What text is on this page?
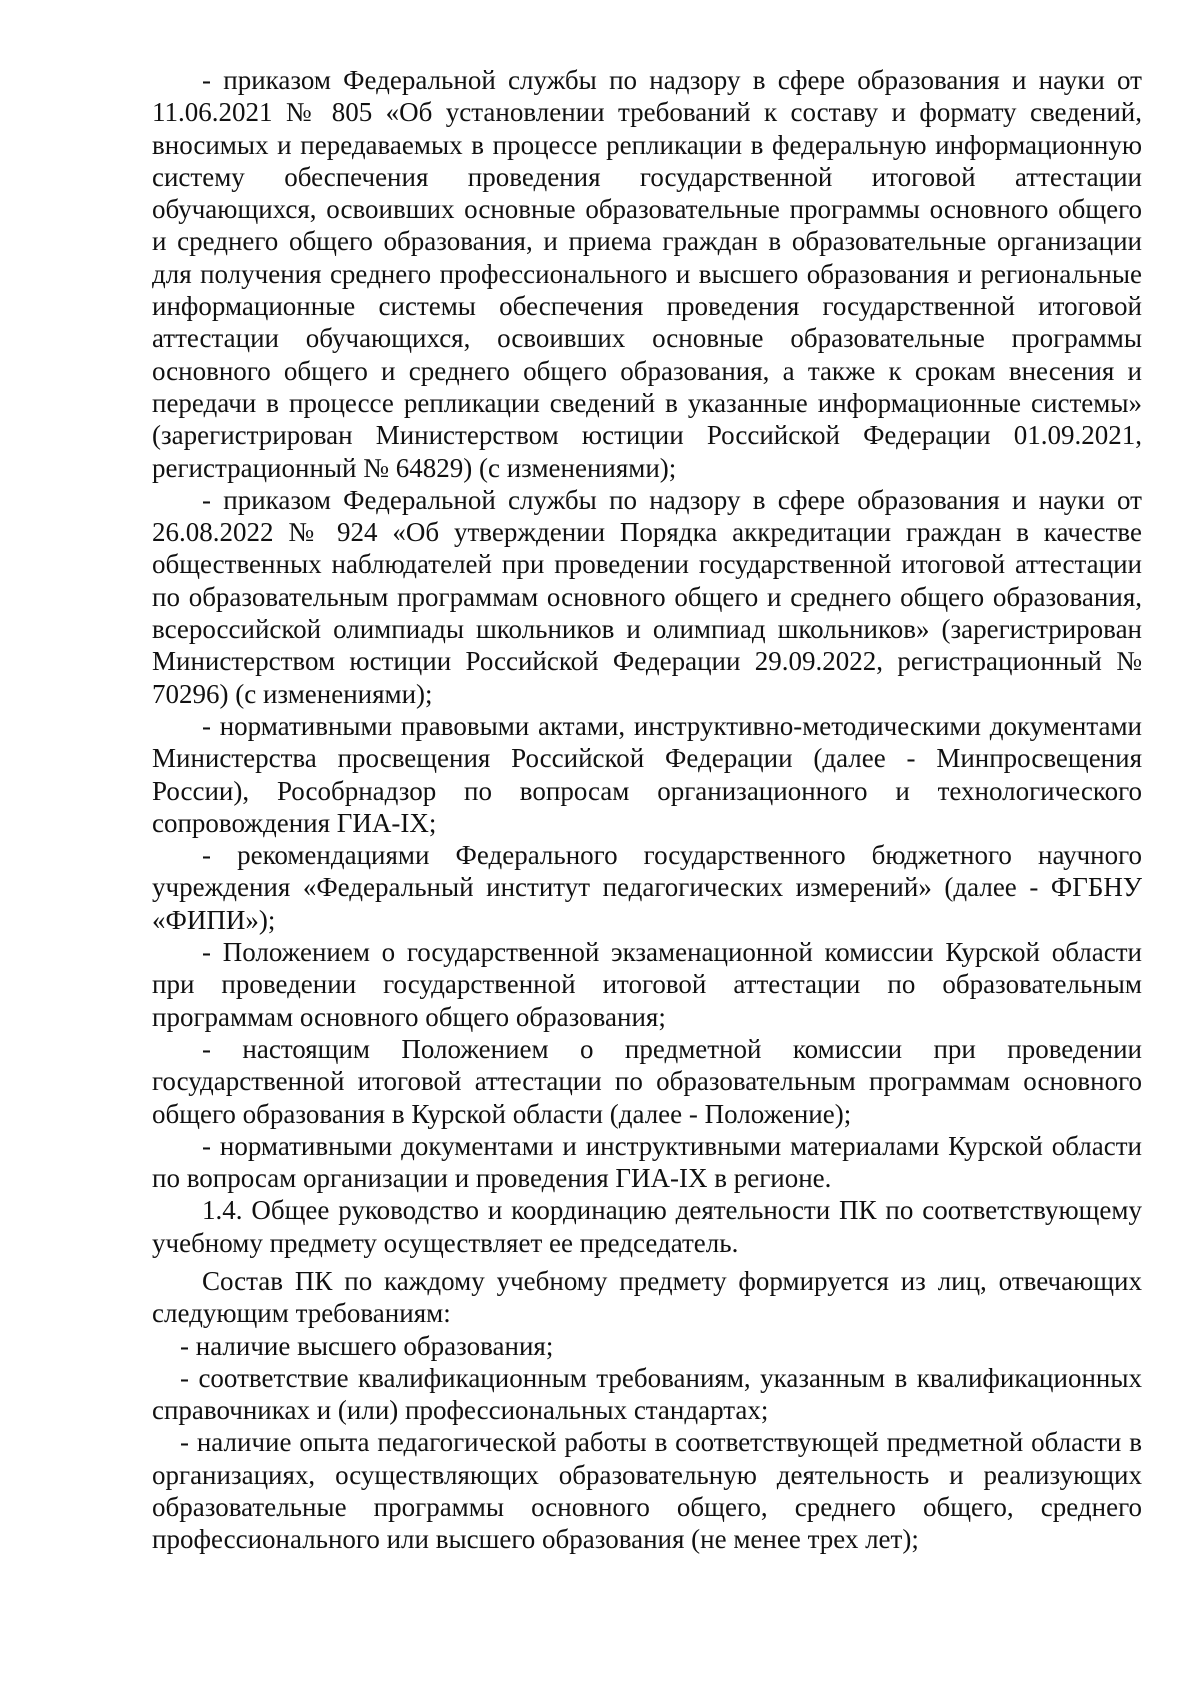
- приказом Федеральной службы по надзору в сфере образования и науки от 11.06.2021 № 805 «Об установлении требований к составу и формату сведений, вносимых и передаваемых в процессе репликации в федеральную информационную систему обеспечения проведения государственной итоговой аттестации обучающихся, освоивших основные образовательные программы основного общего и среднего общего образования, и приема граждан в образовательные организации для получения среднего профессионального и высшего образования и региональные информационные системы обеспечения проведения государственной итоговой аттестации обучающихся, освоивших основные образовательные программы основного общего и среднего общего образования, а также к срокам внесения и передачи в процессе репликации сведений в указанные информационные системы» (зарегистрирован Министерством юстиции Российской Федерации 01.09.2021, регистрационный № 64829) (с изменениями);

- приказом Федеральной службы по надзору в сфере образования и науки от 26.08.2022 № 924 «Об утверждении Порядка аккредитации граждан в качестве общественных наблюдателей при проведении государственной итоговой аттестации по образовательным программам основного общего и среднего общего образования, всероссийской олимпиады школьников и олимпиад школьников» (зарегистрирован Министерством юстиции Российской Федерации 29.09.2022, регистрационный № 70296) (с изменениями);

- нормативными правовыми актами, инструктивно-методическими документами Министерства просвещения Российской Федерации (далее - Минпросвещения России), Рособрнадзор по вопросам организационного и технологического сопровождения ГИА-IX;

- рекомендациями Федерального государственного бюджетного научного учреждения «Федеральный институт педагогических измерений» (далее - ФГБНУ «ФИПИ»);

- Положением о государственной экзаменационной комиссии Курской области при проведении государственной итоговой аттестации по образовательным программам основного общего образования;

- настоящим Положением о предметной комиссии при проведении государственной итоговой аттестации по образовательным программам основного общего образования в Курской области (далее - Положение);

- нормативными документами и инструктивными материалами Курской области по вопросам организации и проведения ГИА-IX в регионе.

1.4. Общее руководство и координацию деятельности ПК по соответствующему учебному предмету осуществляет ее председатель.

Состав ПК по каждому учебному предмету формируется из лиц, отвечающих следующим требованиям:

- наличие высшего образования;

- соответствие квалификационным требованиям, указанным в квалификационных справочниках и (или) профессиональных стандартах;

- наличие опыта педагогической работы в соответствующей предметной области в организациях, осуществляющих образовательную деятельность и реализующих образовательные программы основного общего, среднего общего, среднего профессионального или высшего образования (не менее трех лет);
